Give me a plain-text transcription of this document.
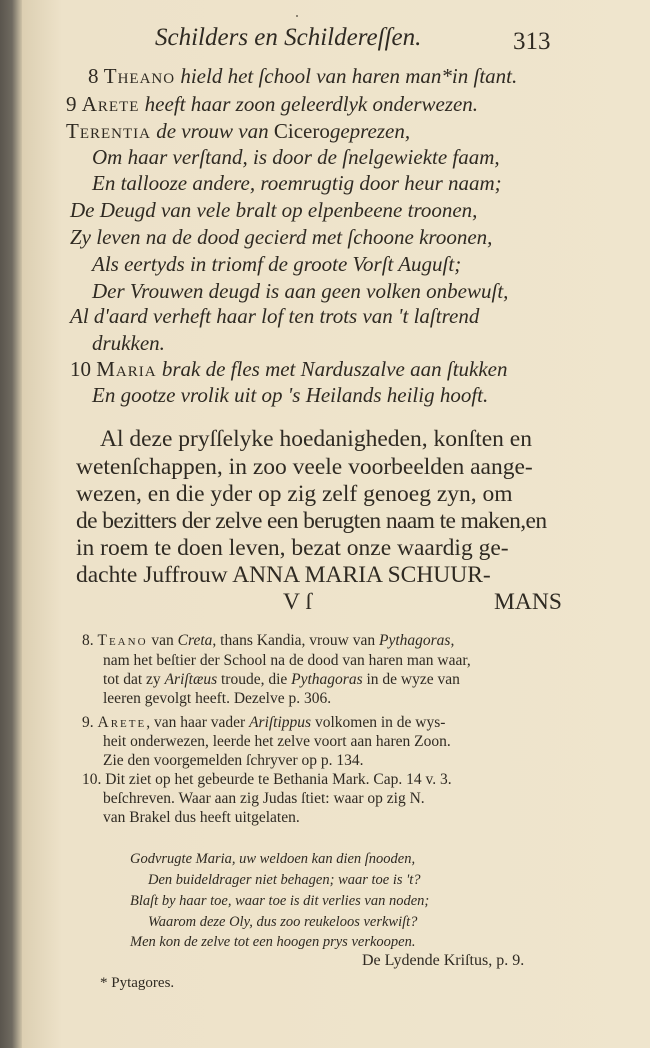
Schilders en Schildereſſen.	313
8 Theano hield het ſchool van haren man*in ſtant.
9 Arete heeft haar zoon geleerdlyk onderwezen.
Terentia de vrouw van Cicerogeprezen,
Om haar verſtand, is door de ſnelgewiekte faam,
En tallooze andere, roemrugtig door heur naam;
De Deugd van vele bralt op elpenbeene troonen,
Zy leven na de dood gecierd met ſchoone kroonen,
Als eertyds in triomf de groote Vorſt Auguſt;
Der Vrouwen deugd is aan geen volken onbewuſt,
Al d'aard verheft haar lof ten trots van 't laſtrend
drukken.
10 Maria brak de fles met Narduszalve aan ſtukken
En gootze vrolik uit op 's Heilands heilig hooft.
Al deze pryſſelyke hoedanigheden, konſten en
wetenſchappen, in zoo veele voorbeelden aange-
wezen, en die yder op zig zelf genoeg zyn, om
de bezitters der zelve een berugten naam te maken,en
in roem te doen leven, bezat onze waardig ge-
dachte Juffrouw ANNA MARIA SCHUUR-
V ſ	MANS
8. Teano van Creta, thans Kandia, vrouw van Pythagoras,
nam het beſtier der School na de dood van haren man waar,
tot dat zy Ariſtæus troude, die Pythagoras in de wyze van
leeren gevolgt heeft. Dezelve p. 306.
9. Arete, van haar vader Ariſtippus volkomen in de wys-
heit onderwezen, leerde het zelve voort aan haren Zoon.
Zie den voorgemelden ſchryver op p. 134.
10. Dit ziet op het gebeurde te Bethania Mark. Cap. 14 v. 3.
beſchreven. Waar aan zig Judas ſtiet: waar op zig N.
van Brakel dus heeft uitgelaten.
Godvrugte Maria, uw weldoen kan dien ſnooden,
Den buideldrager niet behagen; waar toe is 't?
Blaſt by haar toe, waar toe is dit verlies van noden;
Waarom deze Oly, dus zoo reukeloos verkwiſt?
Men kon de zelve tot een hoogen prys verkoopen.
De Lydende Kriſtus, p. 9.
* Pytagores.
